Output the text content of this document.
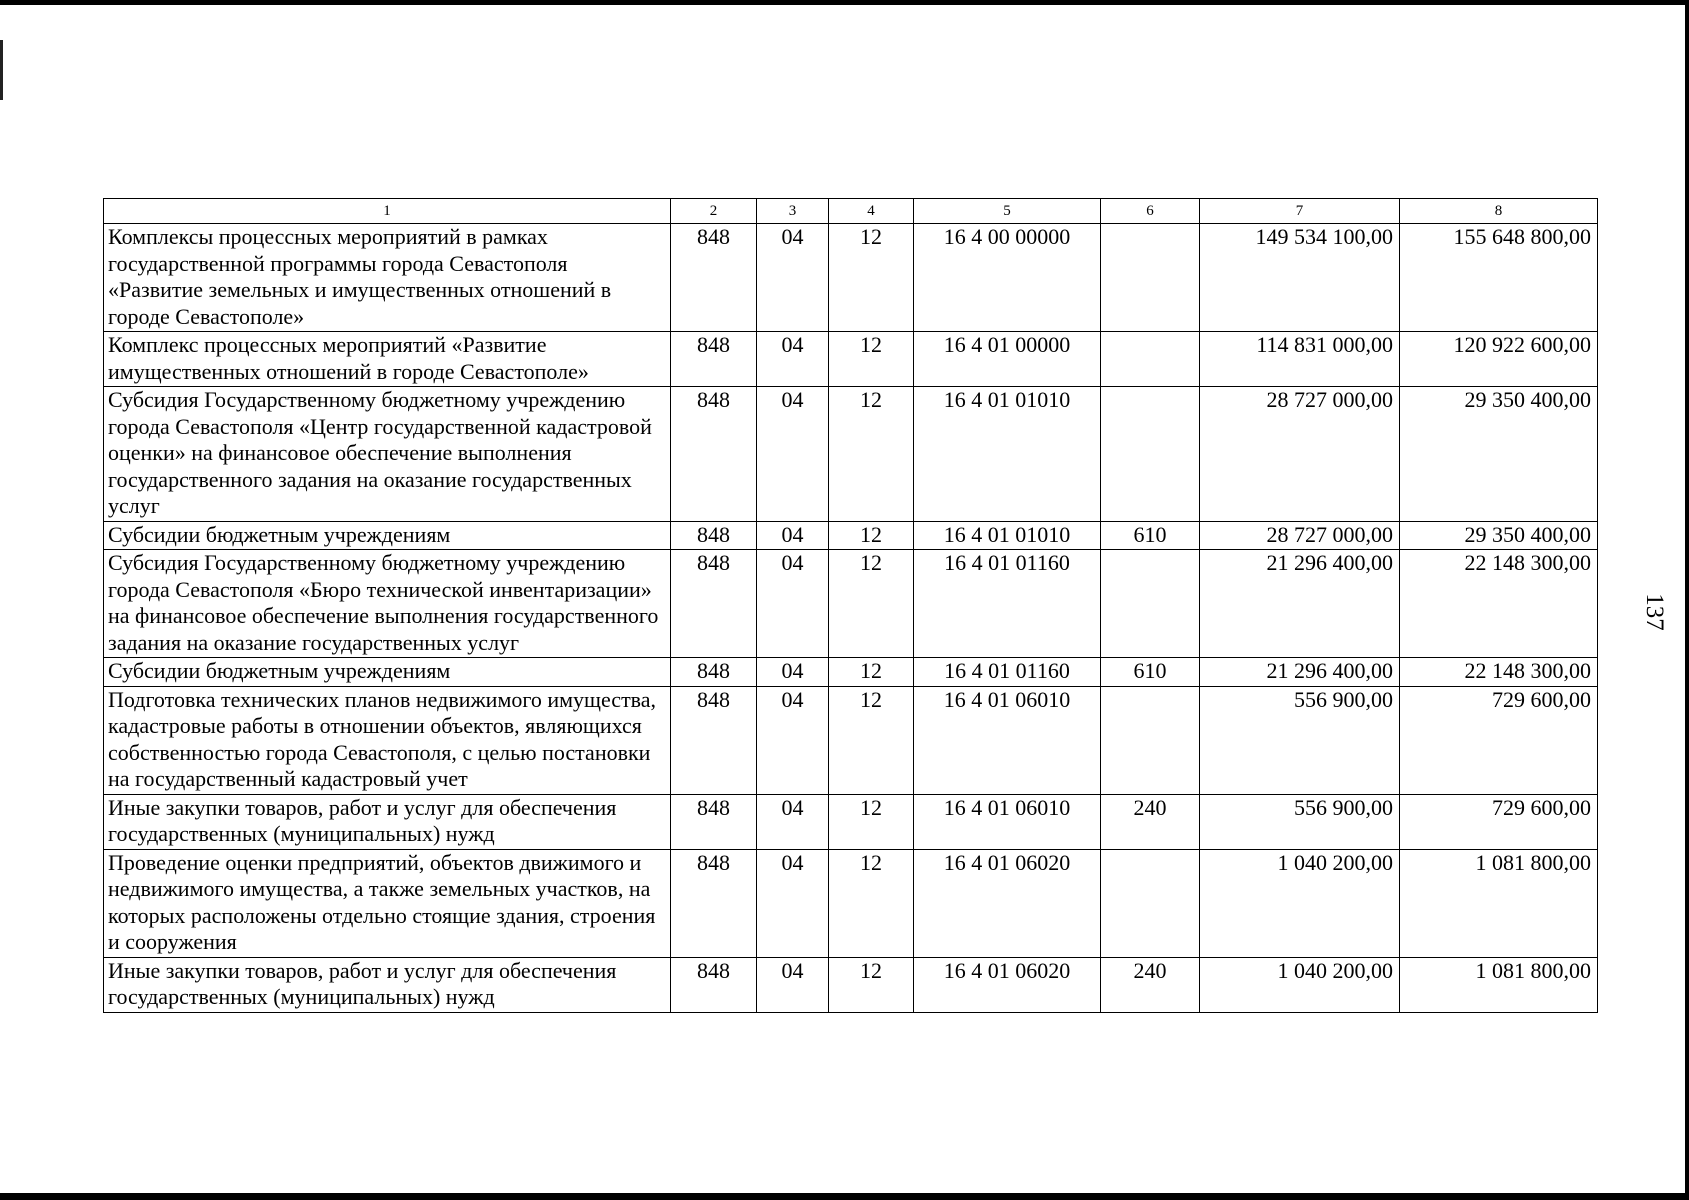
137
1	2	3	4	5	6	7	8
Комплексы процессных мероприятий в рамках государственной программы города Севастополя «Развитие земельных и имущественных отношений в городе Севастополе»	848	04	12	16 4 00 00000		149 534 100,00	155 648 800,00
Комплекс процессных мероприятий «Развитие имущественных отношений в городе Севастополе»	848	04	12	16 4 01 00000		114 831 000,00	120 922 600,00
Субсидия Государственному бюджетному учреждению города Севастополя «Центр государственной кадастровой оценки» на финансовое обеспечение выполнения государственного задания на оказание государственных услуг	848	04	12	16 4 01 01010		28 727 000,00	29 350 400,00
Субсидии бюджетным учреждениям	848	04	12	16 4 01 01010	610	28 727 000,00	29 350 400,00
Субсидия Государственному бюджетному учреждению города Севастополя «Бюро технической инвентаризации» на финансовое обеспечение выполнения государственного задания на оказание государственных услуг	848	04	12	16 4 01 01160		21 296 400,00	22 148 300,00
Субсидии бюджетным учреждениям	848	04	12	16 4 01 01160	610	21 296 400,00	22 148 300,00
Подготовка технических планов недвижимого имущества, кадастровые работы в отношении объектов, являющихся собственностью города Севастополя, с целью постановки на государственный кадастровый учет	848	04	12	16 4 01 06010		556 900,00	729 600,00
Иные закупки товаров, работ и услуг для обеспечения государственных (муниципальных) нужд	848	04	12	16 4 01 06010	240	556 900,00	729 600,00
Проведение оценки предприятий, объектов движимого и недвижимого имущества, а также земельных участков, на которых расположены отдельно стоящие здания, строения и сооружения	848	04	12	16 4 01 06020		1 040 200,00	1 081 800,00
Иные закупки товаров, работ и услуг для обеспечения государственных (муниципальных) нужд	848	04	12	16 4 01 06020	240	1 040 200,00	1 081 800,00
